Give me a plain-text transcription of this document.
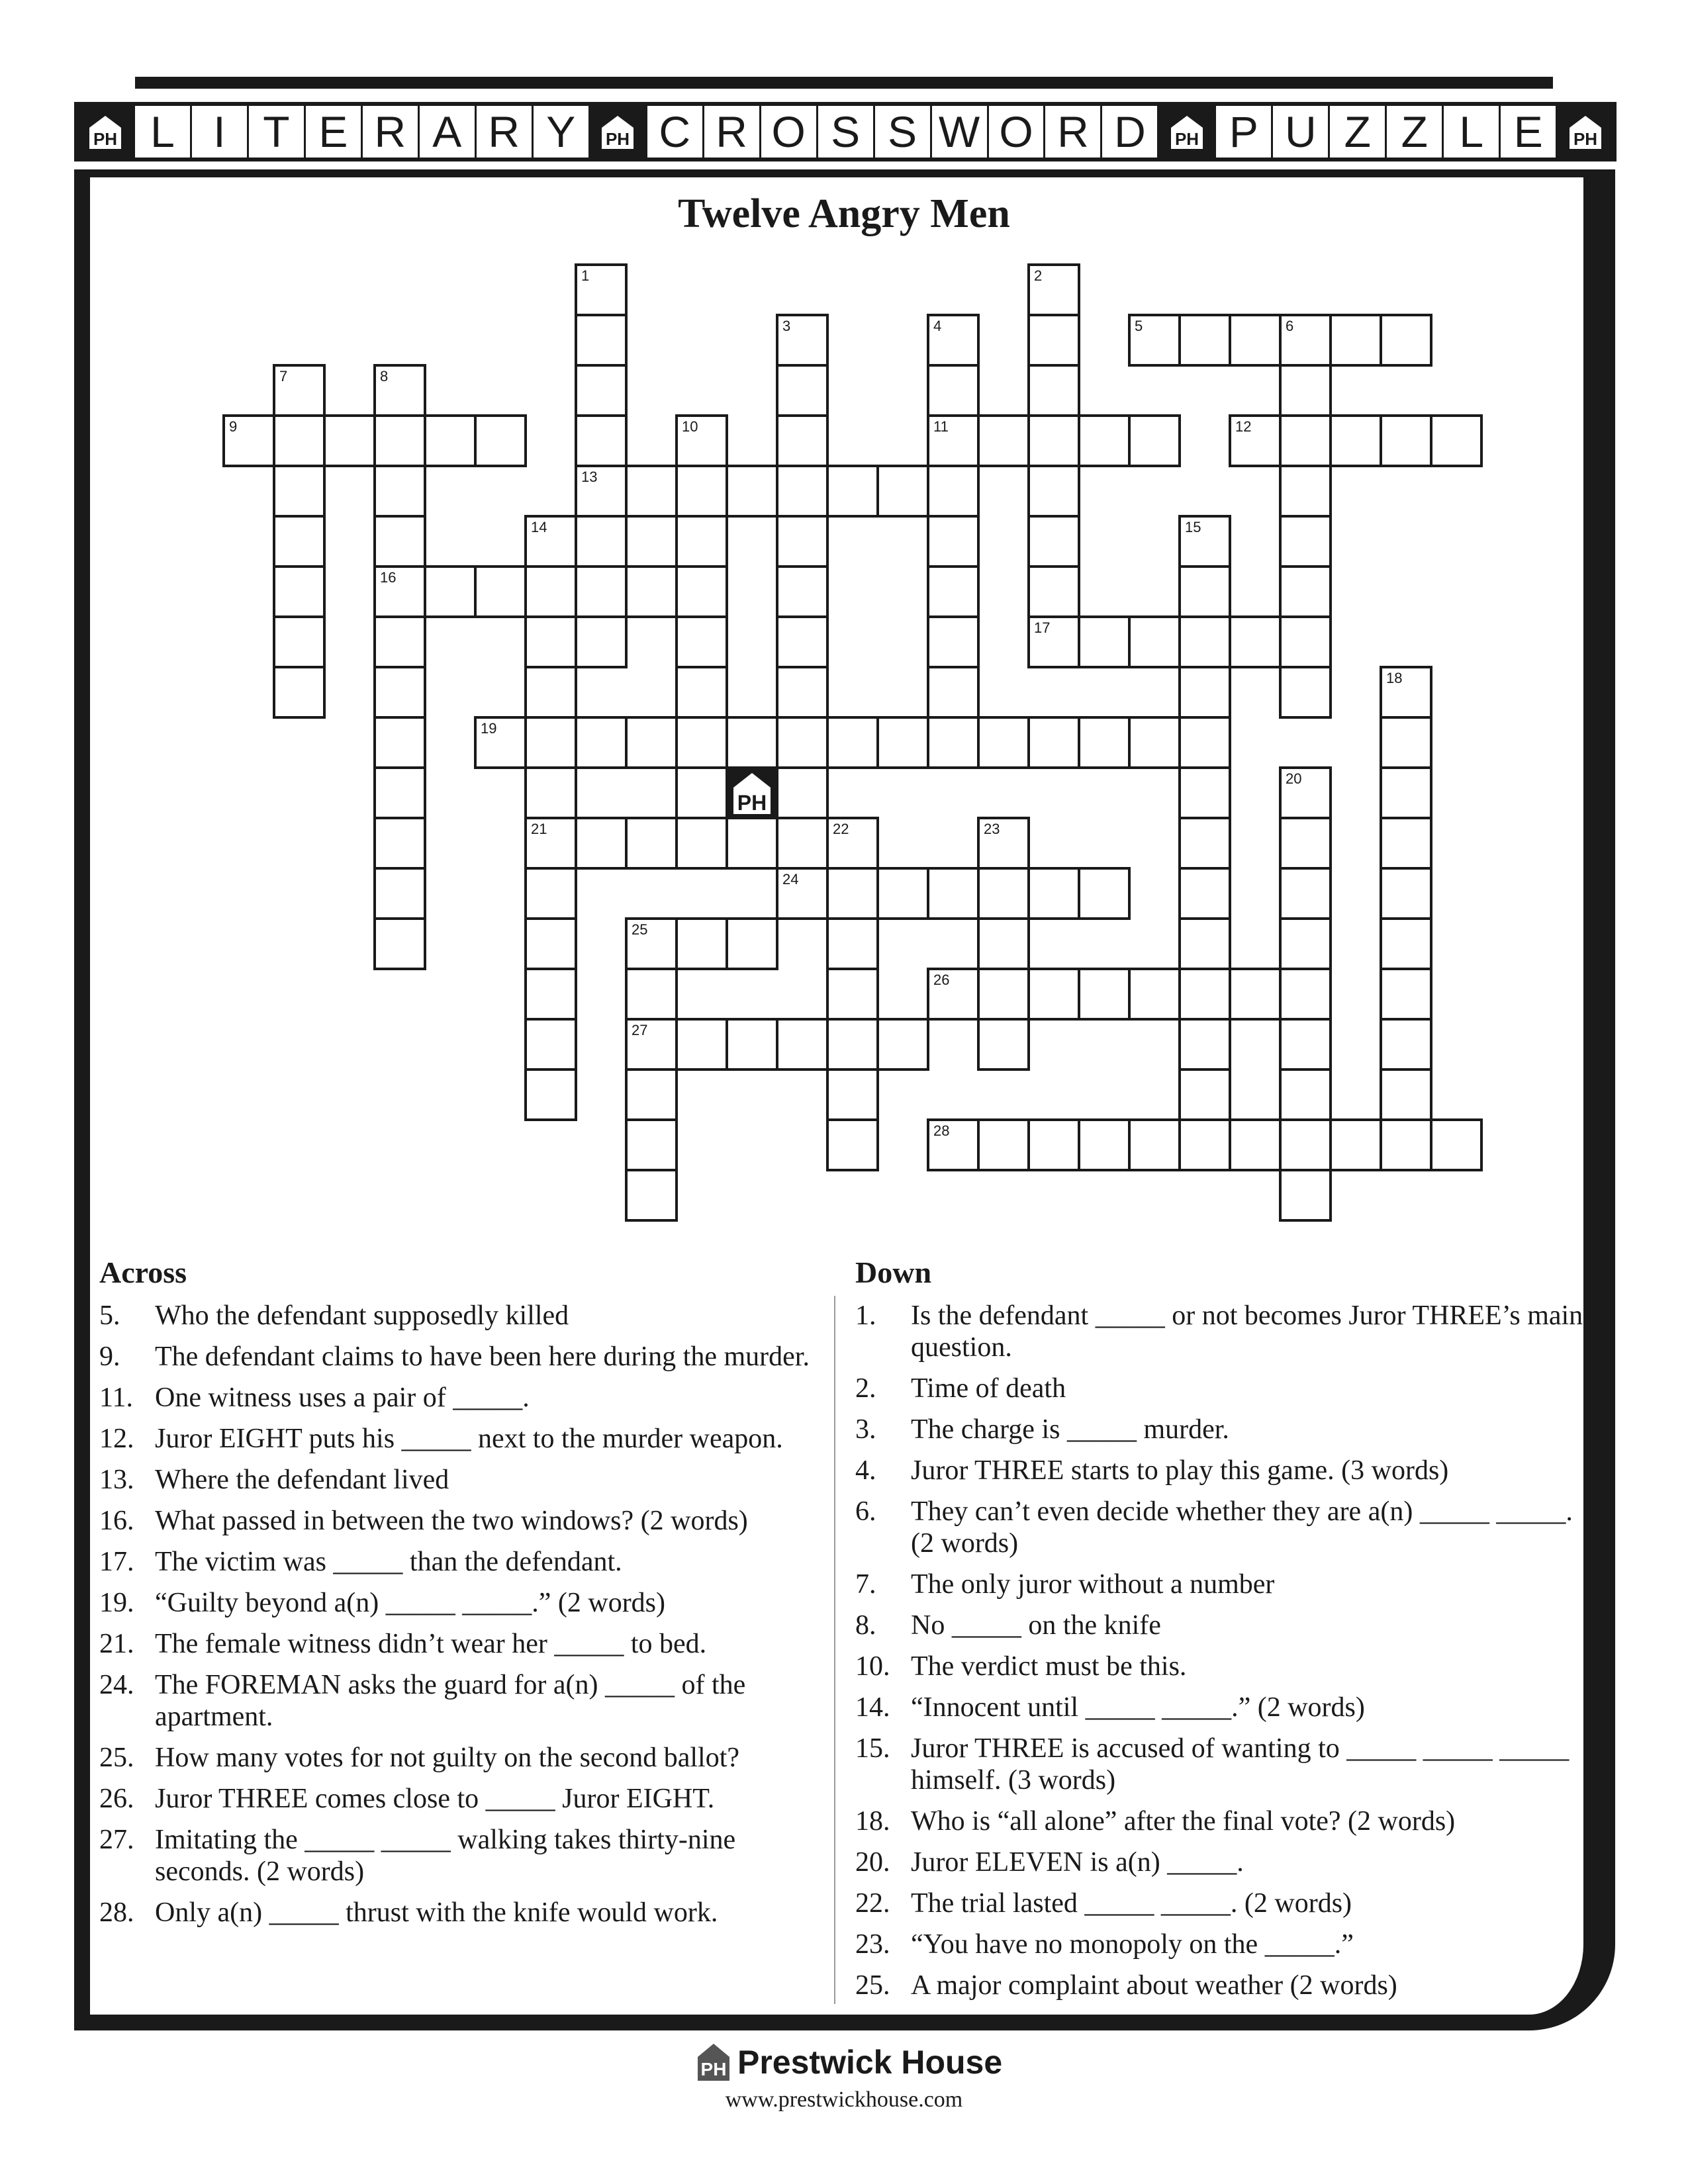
PH L I T E R A R Y	PH C R O S S W O R D	PH P U Z Z L E	PH
Twelve Angry Men
1	2
3	4	5	6
7	8
9	10	11	12
13
14	15
16
17
18
19
20
21	22	23
24
25
26
27
28
PH
Across
5.	Who the defendant supposedly killed
9.	The defendant claims to have been here during the murder.
11. One witness uses a pair of _____.
12. Juror EIGHT puts his _____ next to the murder weapon.
13. Where the defendant lived
16. What passed in between the two windows? (2 words)
17. The victim was _____ than the defendant.
19. “Guilty beyond a(n) _____ _____.” (2 words)
21. The female witness didn’t wear her _____ to bed.
24. The FOREMAN asks the guard for a(n) _____ of the apartment.
25. How many votes for not guilty on the second ballot?
26. Juror THREE comes close to _____ Juror EIGHT.
27. Imitating the _____ _____ walking takes thirty-nine seconds. (2 words)
28. Only a(n) _____ thrust with the knife would work.
Down
1.	Is the defendant _____ or not becomes Juror THREE’s main question.
2.	Time of death
3.	The charge is _____ murder.
4.	Juror THREE starts to play this game. (3 words)
6.	They can’t even decide whether they are a(n) _____ _____. (2 words)
7.	The only juror without a number
8.	No _____ on the knife
10. The verdict must be this.
14. “Innocent until _____ _____.” (2 words)
15. Juror THREE is accused of wanting to _____ _____ _____ himself. (3 words)
18. Who is “all alone” after the final vote? (2 words)
20. Juror ELEVEN is a(n) _____.
22. The trial lasted _____ _____. (2 words)
23. “You have no monopoly on the _____.”
25. A major complaint about weather (2 words)
PH Prestwick House
www.prestwickhouse.com
